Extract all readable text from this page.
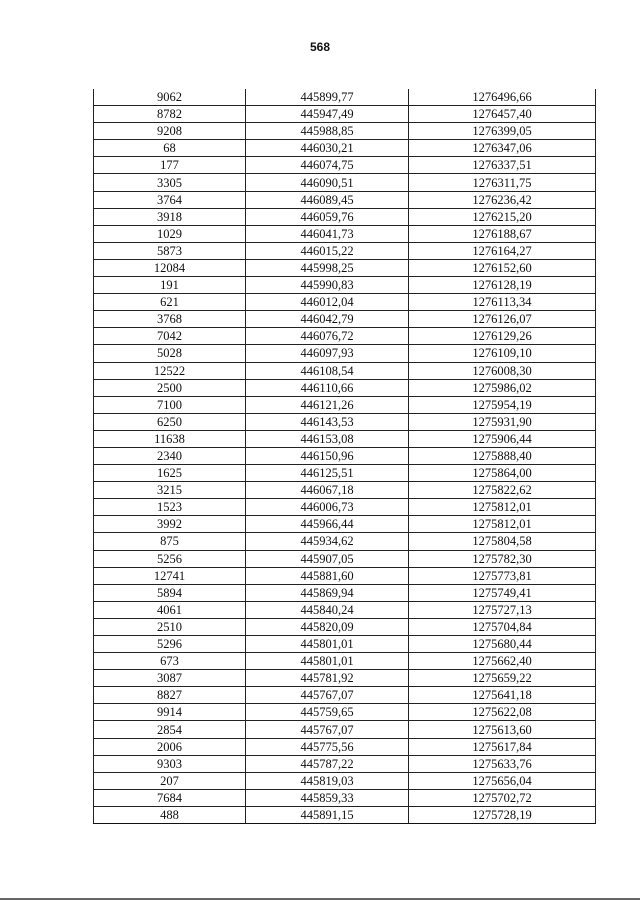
568
9062	445899,77	1276496,66
8782	445947,49	1276457,40
9208	445988,85	1276399,05
68	446030,21	1276347,06
177	446074,75	1276337,51
3305	446090,51	1276311,75
3764	446089,45	1276236,42
3918	446059,76	1276215,20
1029	446041,73	1276188,67
5873	446015,22	1276164,27
12084	445998,25	1276152,60
191	445990,83	1276128,19
621	446012,04	1276113,34
3768	446042,79	1276126,07
7042	446076,72	1276129,26
5028	446097,93	1276109,10
12522	446108,54	1276008,30
2500	446110,66	1275986,02
7100	446121,26	1275954,19
6250	446143,53	1275931,90
11638	446153,08	1275906,44
2340	446150,96	1275888,40
1625	446125,51	1275864,00
3215	446067,18	1275822,62
1523	446006,73	1275812,01
3992	445966,44	1275812,01
875	445934,62	1275804,58
5256	445907,05	1275782,30
12741	445881,60	1275773,81
5894	445869,94	1275749,41
4061	445840,24	1275727,13
2510	445820,09	1275704,84
5296	445801,01	1275680,44
673	445801,01	1275662,40
3087	445781,92	1275659,22
8827	445767,07	1275641,18
9914	445759,65	1275622,08
2854	445767,07	1275613,60
2006	445775,56	1275617,84
9303	445787,22	1275633,76
207	445819,03	1275656,04
7684	445859,33	1275702,72
488	445891,15	1275728,19
